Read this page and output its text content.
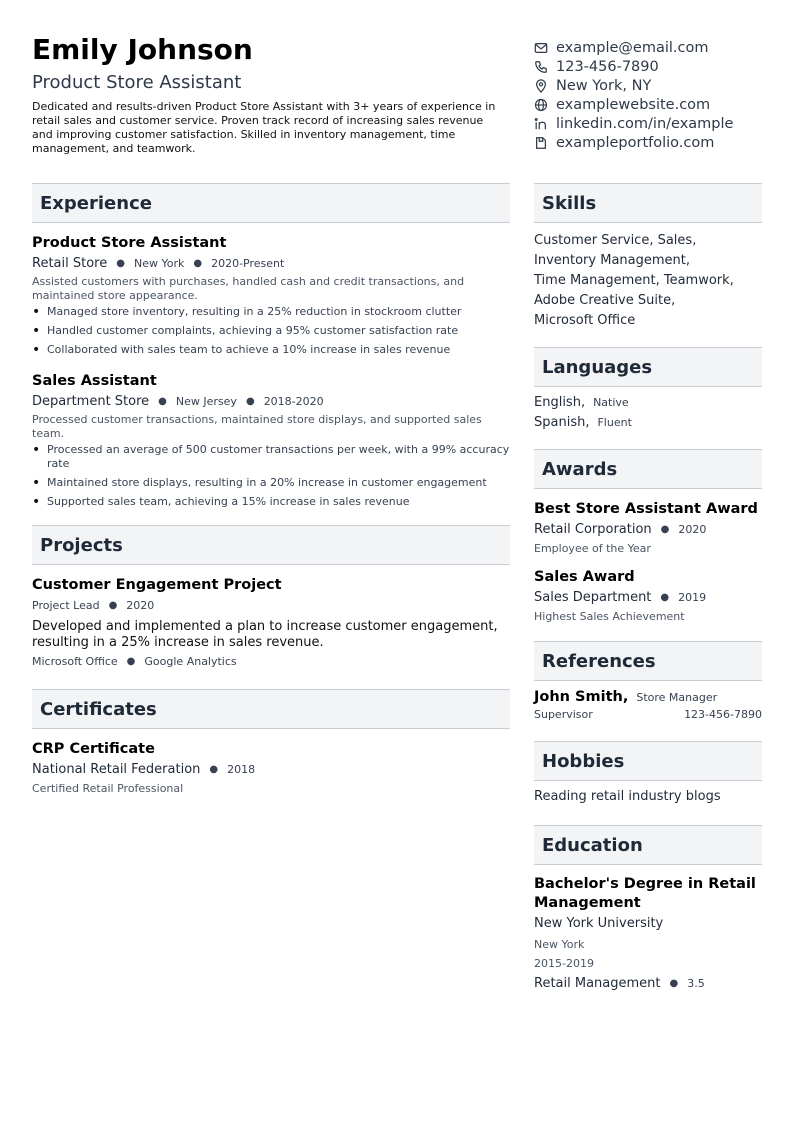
Emily Johnson
Product Store Assistant
Dedicated and results-driven Product Store Assistant with 3+ years of experience in retail sales and customer service. Proven track record of increasing sales revenue and improving customer satisfaction. Skilled in inventory management, time management, and teamwork.
example@email.com
123-456-7890
New York, NY
examplewebsite.com
linkedin.com/in/example
exampleportfolio.com
Experience
Product Store Assistant
Retail Store ● New York ● 2020-Present
Assisted customers with purchases, handled cash and credit transactions, and maintained store appearance.
• Managed store inventory, resulting in a 25% reduction in stockroom clutter
• Handled customer complaints, achieving a 95% customer satisfaction rate
• Collaborated with sales team to achieve a 10% increase in sales revenue
Sales Assistant
Department Store ● New Jersey ● 2018-2020
Processed customer transactions, maintained store displays, and supported sales team.
• Processed an average of 500 customer transactions per week, with a 99% accuracy rate
• Maintained store displays, resulting in a 20% increase in customer engagement
• Supported sales team, achieving a 15% increase in sales revenue
Projects
Customer Engagement Project
Project Lead ● 2020
Developed and implemented a plan to increase customer engagement, resulting in a 25% increase in sales revenue.
Microsoft Office ● Google Analytics
Certificates
CRP Certificate
National Retail Federation ● 2018
Certified Retail Professional
Skills
Customer Service, Sales,
Inventory Management,
Time Management, Teamwork,
Adobe Creative Suite,
Microsoft Office
Languages
English, Native
Spanish, Fluent
Awards
Best Store Assistant Award
Retail Corporation ● 2020
Employee of the Year
Sales Award
Sales Department ● 2019
Highest Sales Achievement
References
John Smith, Store Manager
Supervisor	123-456-7890
Hobbies
Reading retail industry blogs
Education
Bachelor's Degree in Retail Management
New York University
New York
2015-2019
Retail Management ● 3.5
